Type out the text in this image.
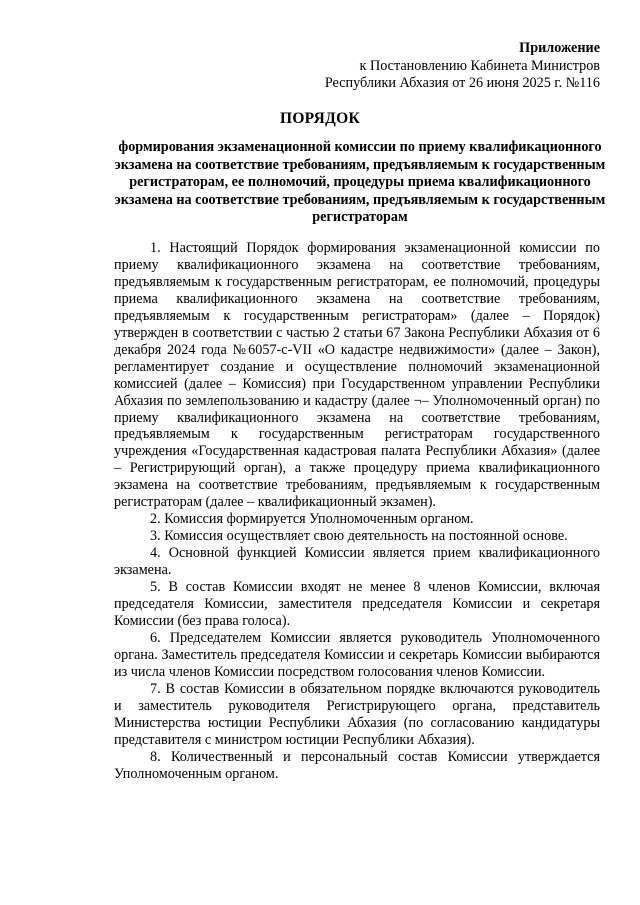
Приложение
к Постановлению Кабинета Министров
Республики Абхазия от 26 июня 2025 г. №116
ПОРЯДОК
формирования экзаменационной комиссии по приему квалификационного экзамена на соответствие требованиям, предъявляемым к государственным регистраторам, ее полномочий, процедуры приема квалификационного экзамена на соответствие требованиям, предъявляемым к государственным регистраторам

1. Настоящий Порядок формирования экзаменационной комиссии по приему квалификационного экзамена на соответствие требованиям, предъявляемым к государственным регистраторам, ее полномочий, процедуры приема квалификационного экзамена на соответствие требованиям, предъявляемым к государственным регистраторам» (далее – Порядок) утвержден в соответствии с частью 2 статьи 67 Закона Республики Абхазия от 6 декабря 2024 года №6057-с-VII «О кадастре недвижимости» (далее – Закон), регламентирует создание и осуществление полномочий экзаменационной комиссией (далее – Комиссия) при Государственном управлении Республики Абхазия по землепользованию и кадастру (далее ¬– Уполномоченный орган) по приему квалификационного экзамена на соответствие требованиям, предъявляемым к государственным регистраторам государственного учреждения «Государственная кадастровая палата Республики Абхазия» (далее – Регистрирующий орган), а также процедуру приема квалификационного экзамена на соответствие требованиям, предъявляемым к государственным регистраторам (далее – квалификационный экзамен).

2. Комиссия формируется Уполномоченным органом.

3. Комиссия осуществляет свою деятельность на постоянной основе.

4. Основной функцией Комиссии является прием квалификационного экзамена.

5. В состав Комиссии входят не менее 8 членов Комиссии, включая председателя Комиссии, заместителя председателя Комиссии и секретаря Комиссии (без права голоса).

6. Председателем Комиссии является руководитель Уполномоченного органа. Заместитель председателя Комиссии и секретарь Комиссии выбираются из числа членов Комиссии посредством голосования членов Комиссии.

7. В состав Комиссии в обязательном порядке включаются руководитель и заместитель руководителя Регистрирующего органа, представитель Министерства юстиции Республики Абхазия (по согласованию кандидатуры представителя с министром юстиции Республики Абхазия).

8. Количественный и персональный состав Комиссии утверждается Уполномоченным органом.
